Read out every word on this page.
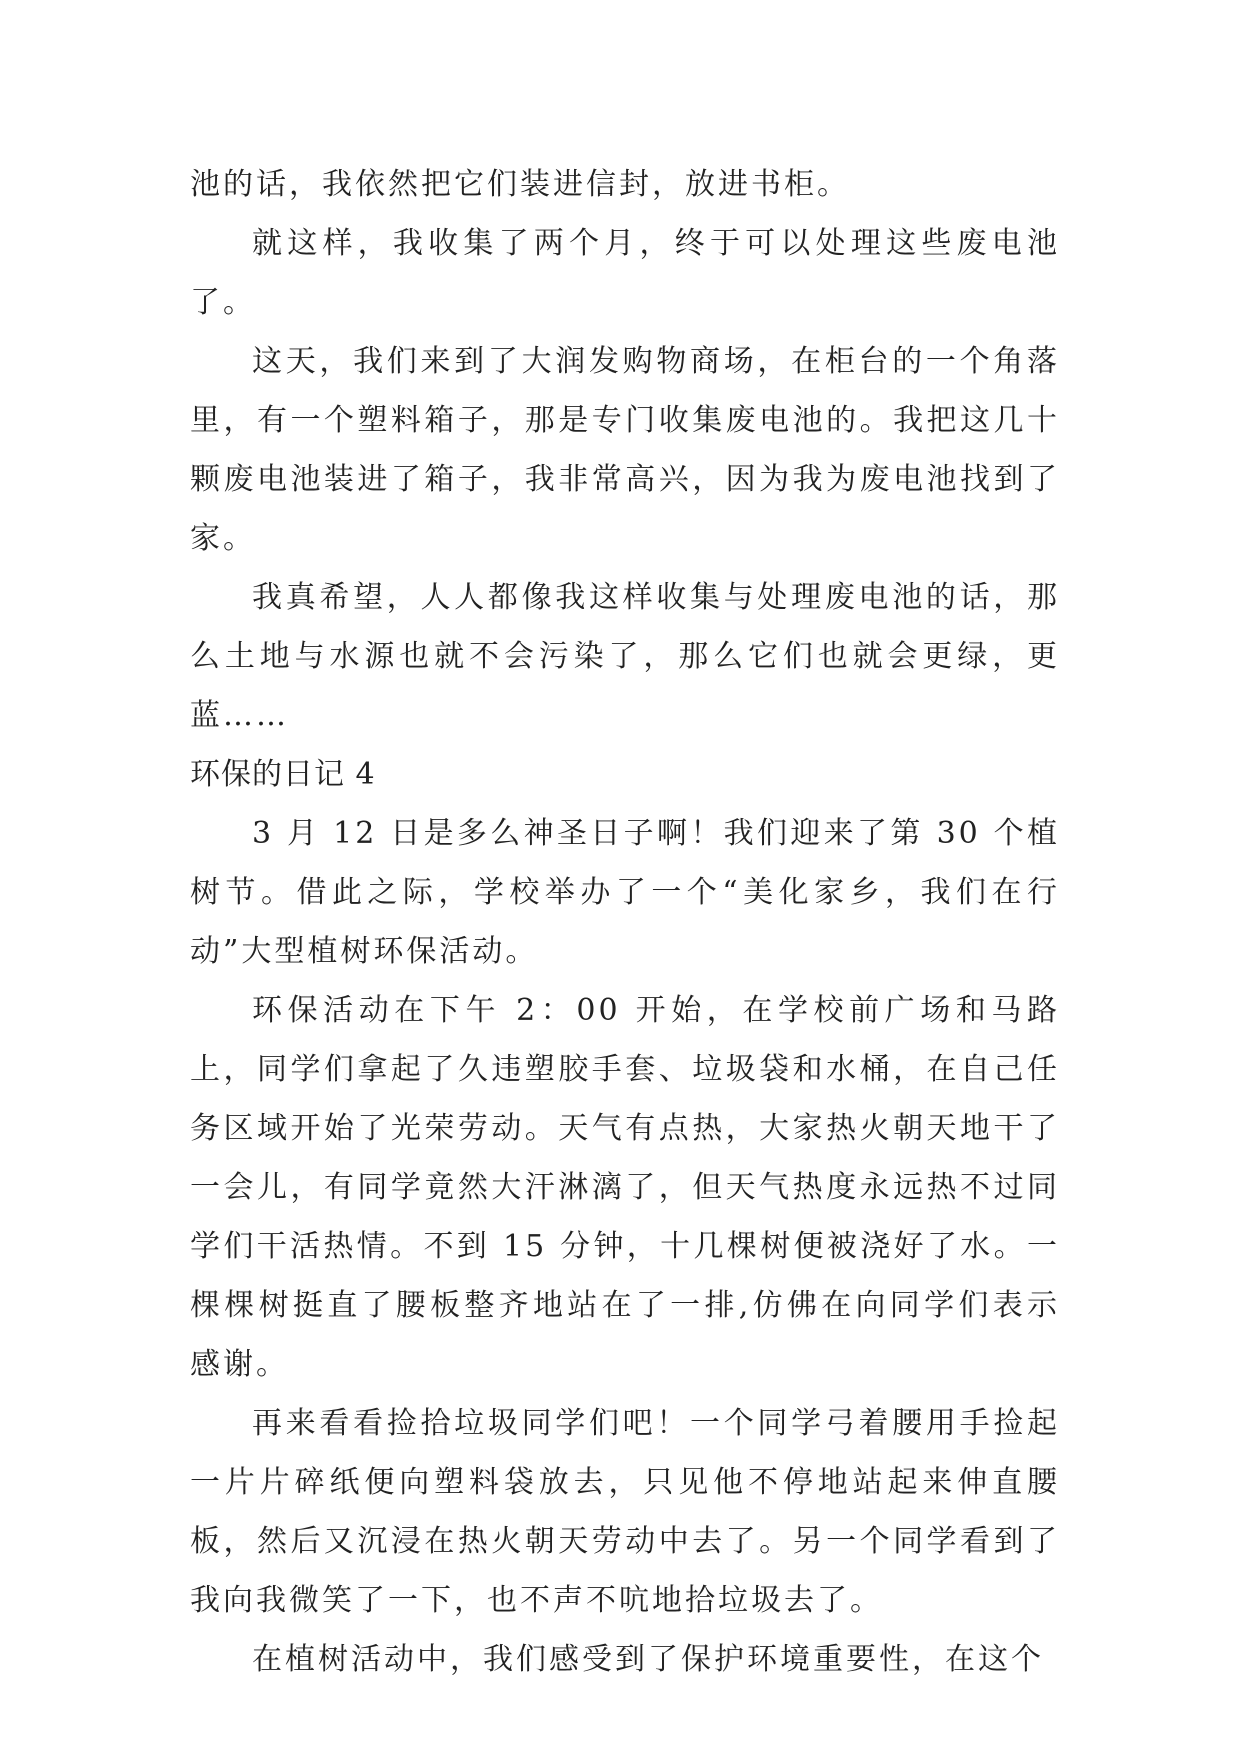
池的话，我依然把它们装进信封，放进书柜。

就这样，我收集了两个月，终于可以处理这些废电池了。

这天，我们来到了大润发购物商场，在柜台的一个角落里，有一个塑料箱子，那是专门收集废电池的。我把这几十颗废电池装进了箱子，我非常高兴，因为我为废电池找到了家。

我真希望，人人都像我这样收集与处理废电池的话，那么土地与水源也就不会污染了，那么它们也就会更绿，更蓝……

环保的日记 4

3 月 12 日是多么神圣日子啊！我们迎来了第 30 个植树节。借此之际，学校举办了一个“美化家乡，我们在行动”大型植树环保活动。

环保活动在下午 2：00 开始，在学校前广场和马路上，同学们拿起了久违塑胶手套、垃圾袋和水桶，在自己任务区域开始了光荣劳动。天气有点热，大家热火朝天地干了一会儿，有同学竟然大汗淋漓了，但天气热度永远热不过同学们干活热情。不到 15 分钟，十几棵树便被浇好了水。一棵棵树挺直了腰板整齐地站在了一排,仿佛在向同学们表示感谢。

再来看看捡拾垃圾同学们吧！一个同学弓着腰用手捡起一片片碎纸便向塑料袋放去，只见他不停地站起来伸直腰板，然后又沉浸在热火朝天劳动中去了。另一个同学看到了我向我微笑了一下，也不声不吭地拾垃圾去了。

在植树活动中，我们感受到了保护环境重要性，在这个
